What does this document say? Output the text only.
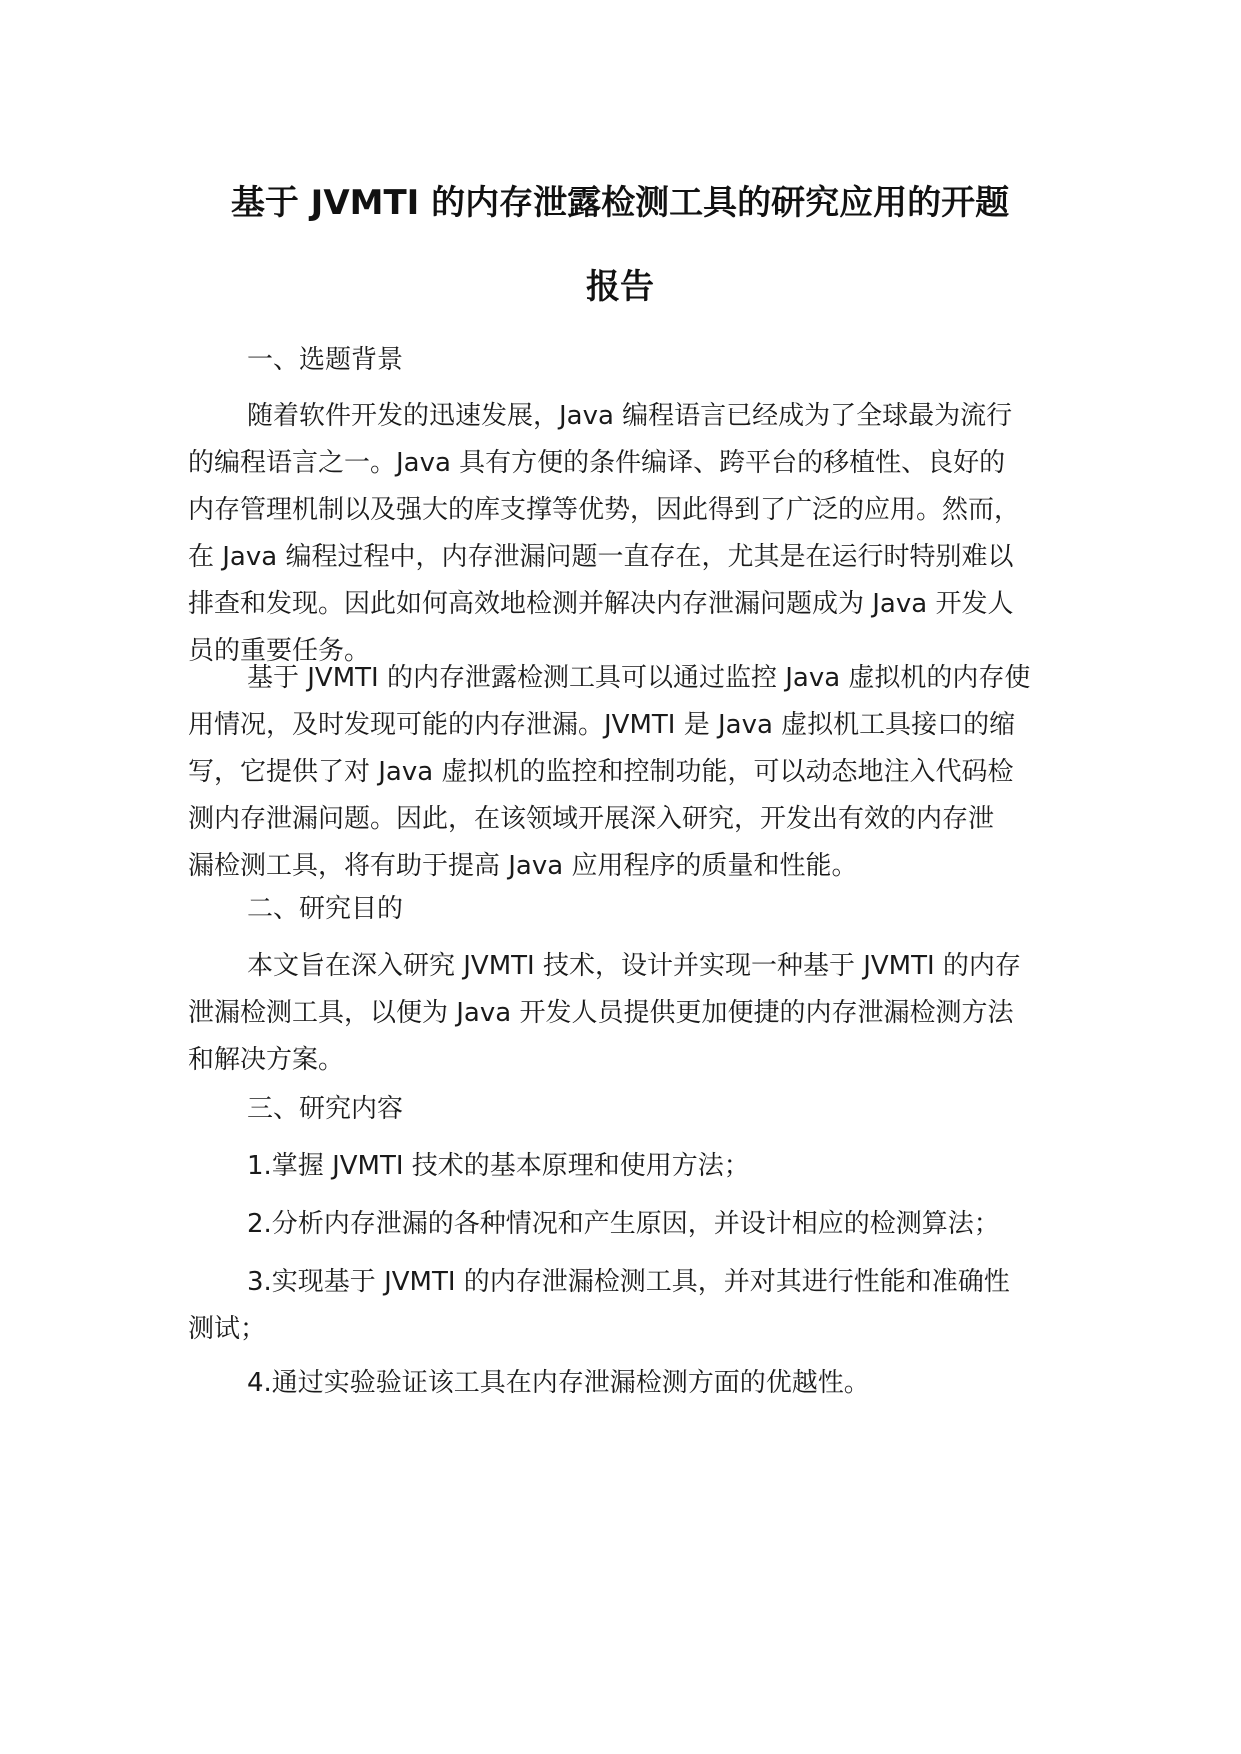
基于 JVMTI 的内存泄露检测工具的研究应用的开题
报告

一、选题背景

随着软件开发的迅速发展，Java 编程语言已经成为了全球最为流行
的编程语言之一。Java 具有方便的条件编译、跨平台的移植性、良好的
内存管理机制以及强大的库支撑等优势，因此得到了广泛的应用。然而，
在 Java 编程过程中，内存泄漏问题一直存在，尤其是在运行时特别难以
排查和发现。因此如何高效地检测并解决内存泄漏问题成为 Java 开发人
员的重要任务。

基于 JVMTI 的内存泄露检测工具可以通过监控 Java 虚拟机的内存使
用情况，及时发现可能的内存泄漏。JVMTI 是 Java 虚拟机工具接口的缩
写，它提供了对 Java 虚拟机的监控和控制功能，可以动态地注入代码检
测内存泄漏问题。因此，在该领域开展深入研究，开发出有效的内存泄
漏检测工具，将有助于提高 Java 应用程序的质量和性能。

二、研究目的

本文旨在深入研究 JVMTI 技术，设计并实现一种基于 JVMTI 的内存
泄漏检测工具，以便为 Java 开发人员提供更加便捷的内存泄漏检测方法
和解决方案。

三、研究内容

1.掌握 JVMTI 技术的基本原理和使用方法；

2.分析内存泄漏的各种情况和产生原因，并设计相应的检测算法；

3.实现基于 JVMTI 的内存泄漏检测工具，并对其进行性能和准确性
测试；

4.通过实验验证该工具在内存泄漏检测方面的优越性。
